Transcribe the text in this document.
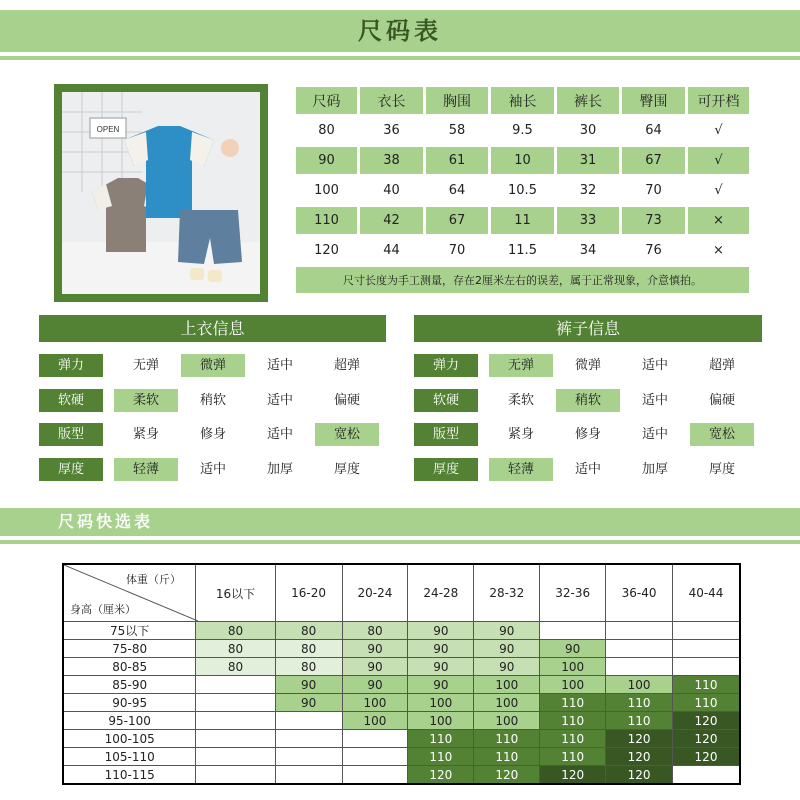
尺码表
OPEN
尺码	衣长	胸围	袖长	裤长	臀围	可开档
80	36	58	9.5	30	64	√
90	38	61	10	31	67	√
100	40	64	10.5	32	70	√
110	42	67	11	33	73	×
120	44	70	11.5	34	76	×
尺寸长度为手工测量，存在2厘米左右的误差，属于正常现象，介意慎拍。						
上衣信息
弹力	无弹	微弹	适中	超弹
软硬	柔软	稍软	适中	偏硬
版型	紧身	修身	适中	宽松
厚度	轻薄	适中	加厚	厚度
裤子信息
弹力	无弹	微弹	适中	超弹
软硬	柔软	稍软	适中	偏硬
版型	紧身	修身	适中	宽松
厚度	轻薄	适中	加厚	厚度
尺码快选表
体重（斤）
身高（厘米）	16以下	16-20	20-24	24-28	28-32	32-36	36-40	40-44
75以下	80	80	80	90	90			
75-80	80	80	90	90	90	90		
80-85	80	80	90	90	90	100		
85-90		90	90	90	100	100	100	110
90-95		90	100	100	100	110	110	110
95-100			100	100	100	110	110	120
100-105				110	110	110	120	120
105-110				110	110	110	120	120
110-115				120	120	120	120	
